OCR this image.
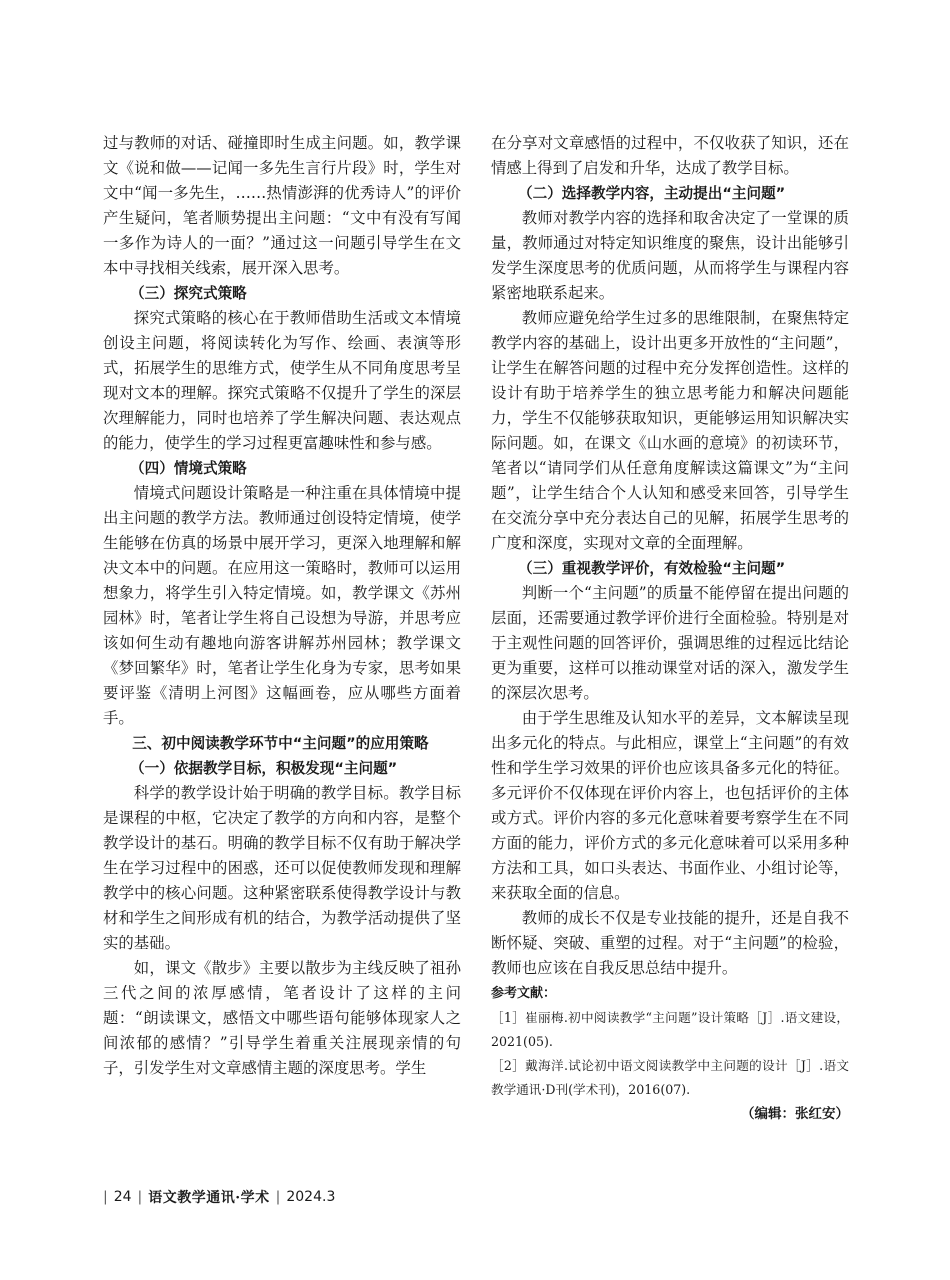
过与教师的对话、碰撞即时生成主问题。如，教学课文《说和做——记闻一多先生言行片段》时，学生对文中“闻一多先生，……热情澎湃的优秀诗人”的评价产生疑问，笔者顺势提出主问题：“文中有没有写闻一多作为诗人的一面？”通过这一问题引导学生在文本中寻找相关线索，展开深入思考。

（三）探究式策略

探究式策略的核心在于教师借助生活或文本情境创设主问题，将阅读转化为写作、绘画、表演等形式，拓展学生的思维方式，使学生从不同角度思考呈现对文本的理解。探究式策略不仅提升了学生的深层次理解能力，同时也培养了学生解决问题、表达观点的能力，使学生的学习过程更富趣味性和参与感。

（四）情境式策略

情境式问题设计策略是一种注重在具体情境中提出主问题的教学方法。教师通过创设特定情境，使学生能够在仿真的场景中展开学习，更深入地理解和解决文本中的问题。在应用这一策略时，教师可以运用想象力，将学生引入特定情境。如，教学课文《苏州园林》时，笔者让学生将自己设想为导游，并思考应该如何生动有趣地向游客讲解苏州园林；教学课文《梦回繁华》时，笔者让学生化身为专家，思考如果要评鉴《清明上河图》这幅画卷，应从哪些方面着手。

三、初中阅读教学环节中“主问题”的应用策略

（一）依据教学目标，积极发现“主问题”

科学的教学设计始于明确的教学目标。教学目标是课程的中枢，它决定了教学的方向和内容，是整个教学设计的基石。明确的教学目标不仅有助于解决学生在学习过程中的困惑，还可以促使教师发现和理解教学中的核心问题。这种紧密联系使得教学设计与教材和学生之间形成有机的结合，为教学活动提供了坚实的基础。

如，课文《散步》主要以散步为主线反映了祖孙三代之间的浓厚感情，笔者设计了这样的主问题：“朗读课文，感悟文中哪些语句能够体现家人之间浓郁的感情？”引导学生着重关注展现亲情的句子，引发学生对文章感情主题的深度思考。学生

在分享对文章感悟的过程中，不仅收获了知识，还在情感上得到了启发和升华，达成了教学目标。

（二）选择教学内容，主动提出“主问题”

教师对教学内容的选择和取舍决定了一堂课的质量，教师通过对特定知识维度的聚焦，设计出能够引发学生深度思考的优质问题，从而将学生与课程内容紧密地联系起来。

教师应避免给学生过多的思维限制，在聚焦特定教学内容的基础上，设计出更多开放性的“主问题”，让学生在解答问题的过程中充分发挥创造性。这样的设计有助于培养学生的独立思考能力和解决问题能力，学生不仅能够获取知识，更能够运用知识解决实际问题。如，在课文《山水画的意境》的初读环节，笔者以“请同学们从任意角度解读这篇课文”为“主问题”，让学生结合个人认知和感受来回答，引导学生在交流分享中充分表达自己的见解，拓展学生思考的广度和深度，实现对文章的全面理解。

（三）重视教学评价，有效检验“主问题”

判断一个“主问题”的质量不能停留在提出问题的层面，还需要通过教学评价进行全面检验。特别是对于主观性问题的回答评价，强调思维的过程远比结论更为重要，这样可以推动课堂对话的深入，激发学生的深层次思考。

由于学生思维及认知水平的差异，文本解读呈现出多元化的特点。与此相应，课堂上“主问题”的有效性和学生学习效果的评价也应该具备多元化的特征。多元评价不仅体现在评价内容上，也包括评价的主体或方式。评价内容的多元化意味着要考察学生在不同方面的能力，评价方式的多元化意味着可以采用多种方法和工具，如口头表达、书面作业、小组讨论等，来获取全面的信息。

教师的成长不仅是专业技能的提升，还是自我不断怀疑、突破、重塑的过程。对于“主问题”的检验，教师也应该在自我反思总结中提升。

参考文献：

［1］崔丽梅.初中阅读教学“主问题”设计策略［J］.语文建设，2021(05).

［2］戴海洋.试论初中语文阅读教学中主问题的设计［J］.语文教学通讯·D刊(学术刊)，2016(07).

（编辑：张红安）

| 24 | 语文教学通讯·学术 | 2024.3
